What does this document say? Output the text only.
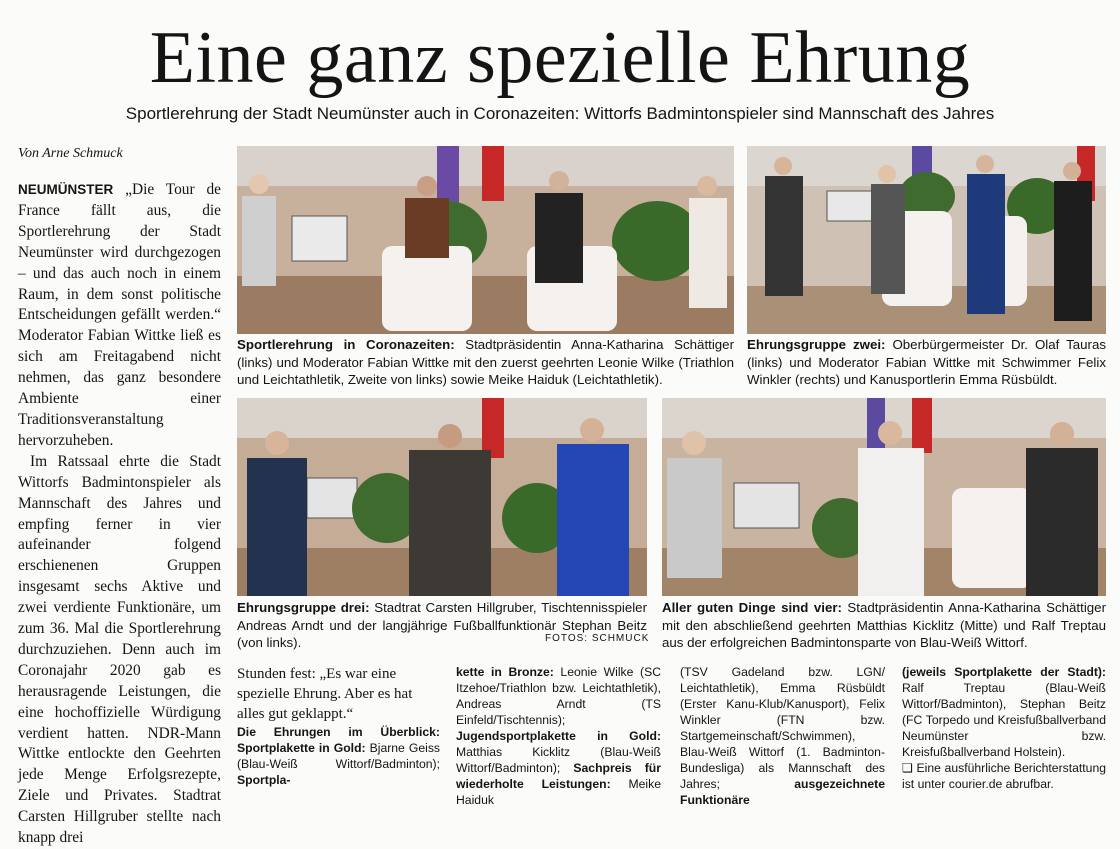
Eine ganz spezielle Ehrung
Sportlerehrung der Stadt Neumünster auch in Coronazeiten: Wittorfs Badmintonspieler sind Mannschaft des Jahres
Von Arne Schmuck

NEUMÜNSTER „Die Tour de France fällt aus, die Sportlerehrung der Stadt Neumünster wird durchgezogen – und das auch noch in einem Raum, in dem sonst politische Entscheidungen gefällt werden.“ Moderator Fabian Wittke ließ es sich am Freitagabend nicht nehmen, das ganz besondere Ambiente einer Traditionsveranstaltung hervorzuheben.

Im Ratssaal ehrte die Stadt Wittorfs Badmintonspieler als Mannschaft des Jahres und empfing ferner in vier aufeinander folgend erschienenen Gruppen insgesamt sechs Aktive und zwei verdiente Funktionäre, um zum 36. Mal die Sportlerehrung durchzuziehen. Denn auch im Coronajahr 2020 gab es herausragende Leistungen, die eine hochoffizielle Würdigung verdient hatten. NDR-Mann Wittke entlockte den Geehrten jede Menge Erfolgsrezepte, Ziele und Privates. Stadtrat Carsten Hillgruber stellte nach knapp drei

Sportlerehrung in Coronazeiten: Stadtpräsidentin Anna-Katharina Schättiger (links) und Moderator Fabian Wittke mit den zuerst geehrten Leonie Wilke (Triathlon und Leichtathletik, Zweite von links) sowie Meike Haiduk (Leichtathletik).
Ehrungsgruppe zwei: Oberbürgermeister Dr. Olaf Tauras (links) und Moderator Fabian Wittke mit Schwimmer Felix Winkler (rechts) und Kanusportlerin Emma Rüsbüldt.
Ehrungsgruppe drei: Stadtrat Carsten Hillgruber, Tischtennisspieler Andreas Arndt und der langjährige Fußballfunktionär Stephan Beitz (von links).	FOTOS: SCHMUCK
Aller guten Dinge sind vier: Stadtpräsidentin Anna-Katharina Schättiger mit den abschließend geehrten Matthias Kicklitz (Mitte) und Ralf Treptau aus der erfolgreichen Badmintonsparte von Blau-Weiß Wittorf.
Stunden fest: „Es war eine spezielle Ehrung. Aber es hat alles gut geklappt.“
Die Ehrungen im Überblick: Sportplakette in Gold: Bjarne Geiss (Blau-Weiß Wittorf/Badminton); Sportpla-
kette in Bronze: Leonie Wilke (SC Itzehoe/Triathlon bzw. Leichtathletik), Andreas Arndt (TS Einfeld/Tischtennis); Jugendsportplakette in Gold: Matthias Kicklitz (Blau-Weiß Wittorf/Badminton); Sachpreis für wiederholte Leistungen: Meike Haiduk
(TSV Gadeland bzw. LGN/ Leichtathletik), Emma Rüsbüldt (Erster Kanu-Klub/Kanusport), Felix Winkler (FTN bzw. Startgemeinschaft/Schwimmen), Blau-Weiß Wittorf (1. Badminton-Bundesliga) als Mannschaft des Jahres; ausgezeichnete Funktionäre
(jeweils Sportplakette der Stadt): Ralf Treptau (Blau-Weiß Wittorf/Badminton), Stephan Beitz (FC Torpedo und Kreisfußballverband Neumünster bzw. Kreisfußballverband Holstein).
❏ Eine ausführliche Berichterstattung ist unter courier.de abrufbar.
